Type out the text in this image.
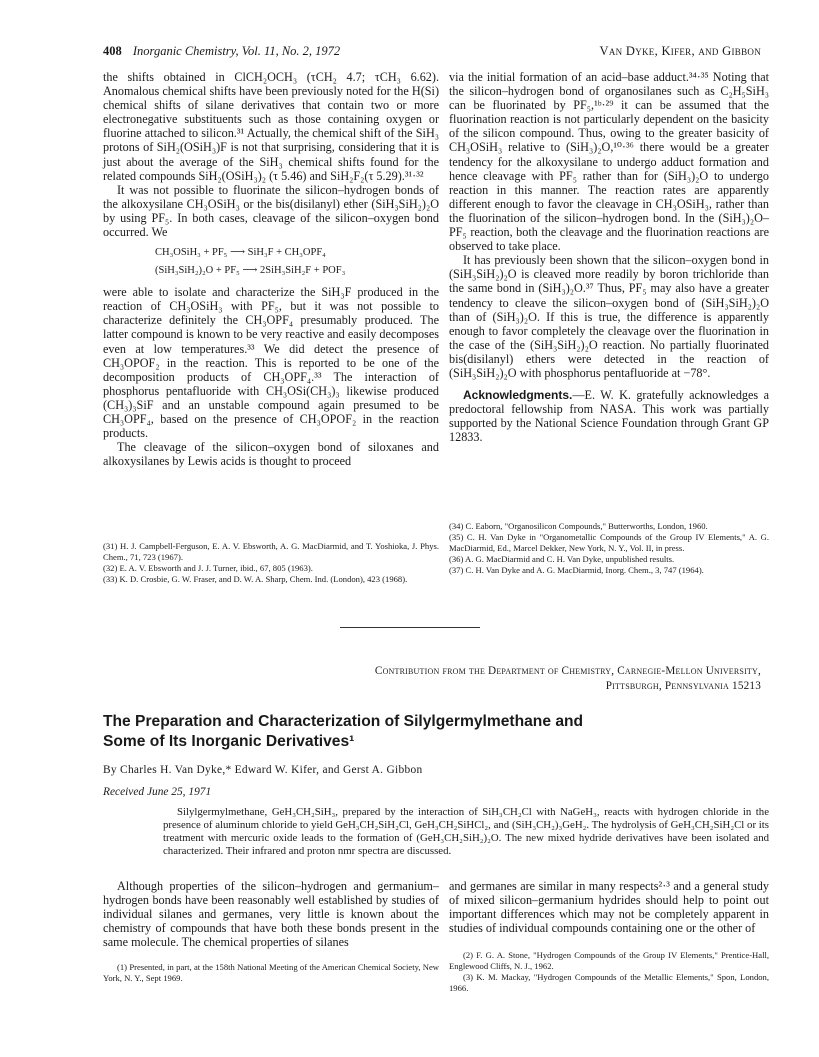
408 Inorganic Chemistry, Vol. 11, No. 2, 1972	Van Dyke, Kifer, and Gibbon

the shifts obtained in ClCH₂OCH₃ (τCH₂ 4.7; τCH₃ 6.62). Anomalous chemical shifts have been previously noted for the H(Si) chemical shifts of silane derivatives that contain two or more electronegative substituents such as those containing oxygen or fluorine attached to silicon.³¹ Actually, the chemical shift of the SiH₃ protons of SiH₂(OSiH₃)F is not that surprising, considering that it is just about the average of the SiH₃ chemical shifts found for the related compounds SiH₂(OSiH₃)₂ (τ 5.46) and SiH₂F₂(τ 5.29).³¹·³²

It was not possible to fluorinate the silicon–hydrogen bonds of the alkoxysilane CH₃OSiH₃ or the bis(disilanyl) ether (SiH₃SiH₂)₂O by using PF₅. In both cases, cleavage of the silicon–oxygen bond occurred. We

CH₃OSiH₃ + PF₅ ⟶ SiH₃F + CH₃OPF₄
(SiH₃SiH₂)₂O + PF₅ ⟶ 2SiH₃SiH₂F + POF₃

were able to isolate and characterize the SiH₃F produced in the reaction of CH₃OSiH₃ with PF₅, but it was not possible to characterize definitely the CH₃OPF₄ presumably produced. The latter compound is known to be very reactive and easily decomposes even at low temperatures.³³ We did detect the presence of CH₃OPOF₂ in the reaction. This is reported to be one of the decomposition products of CH₃OPF₄.³³ The interaction of phosphorus pentafluoride with CH₃OSi(CH₃)₃ likewise produced (CH₃)₃SiF and an unstable compound again presumed to be CH₃OPF₄, based on the presence of CH₃OPOF₂ in the reaction products.

The cleavage of the silicon–oxygen bond of siloxanes and alkoxysilanes by Lewis acids is thought to proceed

via the initial formation of an acid–base adduct.³⁴·³⁵ Noting that the silicon–hydrogen bond of organosilanes such as C₂H₅SiH₃ can be fluorinated by PF₅,¹ᵇ·²⁹ it can be assumed that the fluorination reaction is not particularly dependent on the basicity of the silicon compound. Thus, owing to the greater basicity of CH₃OSiH₃ relative to (SiH₃)₂O,¹⁰·³⁶ there would be a greater tendency for the alkoxysilane to undergo adduct formation and hence cleavage with PF₅ rather than for (SiH₃)₂O to undergo reaction in this manner. The reaction rates are apparently different enough to favor the cleavage in CH₃OSiH₃, rather than the fluorination of the silicon–hydrogen bond. In the (SiH₃)₂O–PF₅ reaction, both the cleavage and the fluorination reactions are observed to take place.

It has previously been shown that the silicon–oxygen bond in (SiH₃SiH₂)₂O is cleaved more readily by boron trichloride than the same bond in (SiH₃)₂O.³⁷ Thus, PF₅ may also have a greater tendency to cleave the silicon–oxygen bond of (SiH₃SiH₂)₂O than of (SiH₃)₂O. If this is true, the difference is apparently enough to favor completely the cleavage over the fluorination in the case of the (SiH₃SiH₂)₂O reaction. No partially fluorinated bis(disilanyl) ethers were detected in the reaction of (SiH₃SiH₂)₂O with phosphorus pentafluoride at −78°.

Acknowledgments.—E. W. K. gratefully acknowledges a predoctoral fellowship from NASA. This work was partially supported by the National Science Foundation through Grant GP 12833.

(31) H. J. Campbell-Ferguson, E. A. V. Ebsworth, A. G. MacDiarmid, and T. Yoshioka, J. Phys. Chem., 71, 723 (1967).

(32) E. A. V. Ebsworth and J. J. Turner, ibid., 67, 805 (1963).

(33) K. D. Crosbie, G. W. Fraser, and D. W. A. Sharp, Chem. Ind. (London), 423 (1968).

(34) C. Eaborn, "Organosilicon Compounds," Butterworths, London, 1960.

(35) C. H. Van Dyke in "Organometallic Compounds of the Group IV Elements," A. G. MacDiarmid, Ed., Marcel Dekker, New York, N. Y., Vol. II, in press.

(36) A. G. MacDiarmid and C. H. Van Dyke, unpublished results.

(37) C. H. Van Dyke and A. G. MacDiarmid, Inorg. Chem., 3, 747 (1964).

Contribution from the Department of Chemistry, Carnegie-Mellon University,
Pittsburgh, Pennsylvania 15213
The Preparation and Characterization of Silylgermylmethane and
Some of Its Inorganic Derivatives¹
By Charles H. Van Dyke,* Edward W. Kifer, and Gerst A. Gibbon
Received June 25, 1971
Silylgermylmethane, GeH₃CH₂SiH₃, prepared by the interaction of SiH₃CH₂Cl with NaGeH₃, reacts with hydrogen chloride in the presence of aluminum chloride to yield GeH₃CH₂SiH₂Cl, GeH₃CH₂SiHCl₂, and (SiH₃CH₂)₃GeH₂. The hydrolysis of GeH₃CH₂SiH₂Cl or its treatment with mercuric oxide leads to the formation of (GeH₃CH₂SiH₂)₂O. The new mixed hydride derivatives have been isolated and characterized. Their infrared and proton nmr spectra are discussed.

Although properties of the silicon–hydrogen and germanium–hydrogen bonds have been reasonably well established by studies of individual silanes and germanes, very little is known about the chemistry of compounds that have both these bonds present in the same molecule. The chemical properties of silanes

and germanes are similar in many respects²·³ and a general study of mixed silicon–germanium hydrides should help to point out important differences which may not be completely apparent in studies of individual compounds containing one or the other of

(1) Presented, in part, at the 158th National Meeting of the American Chemical Society, New York, N. Y., Sept 1969.

(2) F. G. A. Stone, "Hydrogen Compounds of the Group IV Elements," Prentice-Hall, Englewood Cliffs, N. J., 1962.

(3) K. M. Mackay, "Hydrogen Compounds of the Metallic Elements," Spon, London, 1966.
